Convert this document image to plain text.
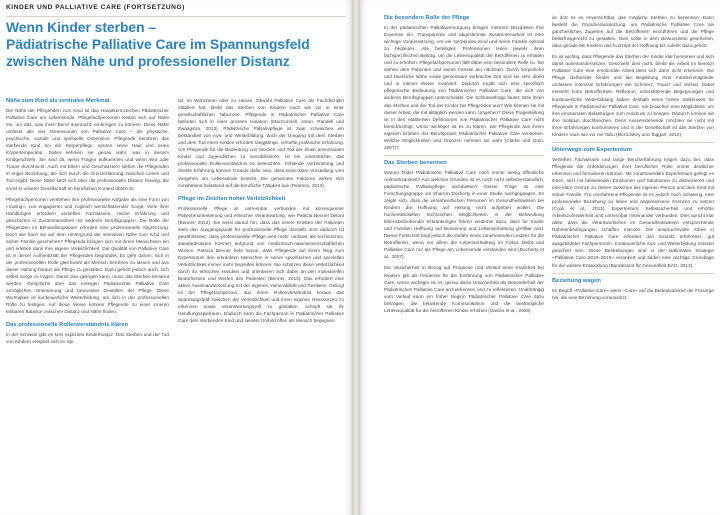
KINDER UND PALLIATIVE CARE (FORTSETZUNG)
Wenn Kinder sterben –
Pädiatrische Palliative Care im Spannungsfeld
zwischen Nähe und professioneller Distanz
Nähe zum Kind als zentrales Merkmal

Die Nähe der Pflegenden zum Kind ist das Hauptkennzeichen Pädiatrischer Palliative Care am Lebensende. Pflegefachpersonen leisten sich auf Nähe ein, um das, was ihren Beruf ausmacht, einbringen zu können. Diese Nähe umfasst alle vier Dimensionen von Palliative Care – die physische, psychische, soziale und spirituelle Dimension. Pflegende berühren das sterbende Kind bei der Körperpflege, spüren seine Haut und seine Körpertemperatur. Dabei nehmen sie genau wahr, was in diesem Kindgeschieht. Sie sind da, wenn Fragen aufkommen und wenn Wut oder Trauer durchbricht. Auch mit Eltern und Geschwistern stehen die Pflegenden in enger Beziehung, die sich durch die Grenzerfahrung zwischen Leben und Tod ergibt. Diese Nähe setzt sich über die professionelle Distanz hinweg, die sonst in unserer Gesellschaft im beruflichen Kontext üblich ist.

Pflegefachpersonen verstehen ihre professionelle Aufgabe als eine Form von «Caring», von engagierter und zugleich wertschätzender Sorge. Viele ihrer Handlungen erfordern vertieftes Fachwissen, reiche Erfahrung und gesichertes in Zusammenarbeit mit anderen Berufsgruppen. Die Rolle der Pflegenden im Behandlungsteam erfordert eine professionelle Abgrenzung. Doch wie kann sie auf dem Hintergrund der intensiven Nähe zum Kind und seiner Familie geschehen? Pflegende bringen sich mit ihrem Menschsein ein und erleben darin ihre eigene Verletzlichkeit. Die Qualität von Palliative Care ist in dieser Authentizität der Pflegenden begründet. Es geht darum, sich in der professionellen Rolle gleichwohl als Mensch berühren zu lassen und aus dieser Haltung heraus die Pflege zu gestalten. Dazu gehört jedoch auch, sich selbst Sorge zu tragen. Damit dies gelingen kann, muss das Sterben benannt werden. Gespräche über das Anliegen Pädiatrischer Palliative Care ermöglichen Orientierung und bewusstes Gestalten der Pflege. Diese Wichtigkeit ist kontinuierliche Weiterbildung, um sich in der professionellen Rolle zu festigen. Auf diese Weise können Pflegende zu einer inneren lebbaren Balance zwischen Distanz und Nähe finden.

Das professionelle Rollenverständnis klären

In der Schweiz gibt es kein explizites Kinderhospiz. Das Sterben und der Tod von Kindern ereignet sich im Spi-

tal, im Wohnheim oder zu Hause. Obwohl Palliative Care als Fachdisziplin etabliert hat, bleibt das Sterben von Kindern nach wie vor in einer gesellschaftlichen Tabuzone. Pflegende in Pädiatrischer Palliative Care befinden sich in einer grossen Isolation (MacConnell, Aston, Randell und Zwaagstra, 2013). Pädiatrische Palliativpflege ist zwar inzwischen ein Bestandteil von Aus- und Weiterbildung, doch der Umgang mit dem Sterben und dem Tod eines Kindes erfordert langjährige, vertiefte praktische Erfahrung. Um Pflegende für die Bedeutung von Sterben und Tod der ihnen anvertrauten Kinder und Jugendlichen zu sensibilisieren, ist ein unterstützter, das professionelle Rollenverständnis zu beleuchten. Fehlende Vorbereitung und direkte Erfahrung können Gründe dafür sein, dass keine klare Vorstellung vom Vorgehen am Lebensende besteht. Die genannten Faktoren wirken sich zunehmend belastend auf die berufliche Tätigkeit aus (Pearson, 2013).

Pflege im Zeichen hoher Verletzlichkeit

Professionelle Pflege ist untrennbar verbunden mit konsequenter Patientenorientierung und ethischer Verantwortung, wie Patricia Benner betont (Benner, 2013). Sie weist darauf hin, dass das innere Erleben der Patienten stets den Ausgangspunkt für professionelle Pflege darstellt. Erst dadurch ist gewährleistet, dass professionelle Pflege weit mehr umfasst als technisches, standardisiertes Können aufgrund von medizinisch-naturwissenschaftlichen Wissen. Patricia Benner hebt hervor, dass Pflegende auf ihrem Weg zum Expertentum den erkrankten Menschen in seiner spezifischen und speziellen Verletzlichkeit immer mehr begreifen können. Sie schützen diese Verletzlichkeit durch ihr ethisches Handeln und orientieren sich dabei an den individuellen Bedürfnissen und Werten des Patienten (Benner, 2013). Das erfordert eine aktive Auseinandersetzung mit der eigenen Vulnerabilität und Resilienz. Gelingt es der Pflegefachperson, aus ihrem Rollenverständnis heraus das Spannungsfeld zwischen der Verletzlichkeit und ihren eigenen Ressourcen zu erkennen sowie verantwortungsvoll zu gestalten, schöpft sie ihr Handlungsspielraum. Dadurch kann die Fachperson in Pädiatrischer Palliative Care dem sterbenden Kind und seinem Umfeld offen als Mensch begegnen.

Die besondere Rolle der Pflege

In der pädiatrischen Palliativversorgung bringen mehrere Disziplinen ihre Expertise ein. Transparente und abgestimmte Zusammenarbeit ist eine wichtige Voraussetzung, um ein sterbendes Kind und seine Familie optimal zu begleiten. Alle beteiligten Professionen teilen jeweils ihren fachspezifischen Beitrag, um die Lebensqualität der Betroffenen zu erhalten und zu erhöhen. Pflegefachpersonen fällt dabei eine besondere Rolle zu. Sie stehen dem Patienten und seiner Familie am nächsten. Durch körperliche und räumliche Nähe sowie gemeinsam verbrachte Zeit sind sie sehr direkt und in intimer Weise involviert. Dadurch ergibt sich eine spezifisch pflegerische Bedeutung von Pädiatrischer Palliative Care, die sich von anderen Berufsgruppen unterscheidet. Die Schlüsselfrage lautet: Was lösen das Sterben und der Tod der Kinder bei Pflegenden aus? Wie können sie mit dieser Arbeit, die mit alltäglich werden kann, umgehen? Diese Fragestellung ist in den etablierten Definitionen von Pädiatrischer Palliative Care nicht berücksichtigt. Umso wichtiger ist es zu klären, wie Pflegende aus ihrem eigenen Erleben der Berufspraxis Pädiatrischer Palliative Care verstehen. Welche Möglichkeiten und Grenzen nehmen sie wahr (Clarke und Quin, 2007)?

Das Sterben benennen

Warum findet Pädiatrische Palliative Care noch immer wenig öffentliche Aufmerksamkeit? Aus welchen Gründen ist es noch nicht selbstverständlich, pädiatrische Palliativpflege anzubieten? Dieser Frage ist eine Forschungsgruppe um Sharron Docherty in einer Studie nachgegangen. Es zeigte sich, dass die verantwortlichen Personen im Gesundheitswesen bei Kindern die Hoffnung auf Heilung nicht aufgeben wollen. Die hochentwickelten technischen Möglichkeiten in der Behandlung lebensbedrohender Erkrankungen führen weiterhin dazu, dass für Kinder und Familien Hoffnung auf Besserung und Lebenserhaltung greifbar wird. Dieser Fortschritt birgt jedoch die Gefahr eines zunehmenden Leidens für die Betroffenen, wenn vor allem die Lebenserhaltung im Fokus bleibt und Palliative Care nur als Pflege am Lebensende verstanden wird (Docherty et al., 2007).

Die Unsicherheit in Bezug auf Prognose und Verlauf einer Krankheit bei Kindern gilt als Hindernis für die Einführung von Pädiatrischer Palliative Care. Umso wichtiger ist es, genau diese Unsicherheit als Besonderheit der Pädiatrischen Palliative Care anzuerkennen und zu reflektieren. Unabhängig vom Verlauf kann ein früher Beginn Pädiatrischer Palliative Care dazu beitragen, die belastende Kommunikation und die bestmögliche Lebensqualität für die betroffenen Kinder erhöhen (Davies et al., 2008).

ist dort es es unverzichtbar, das mögliche Sterben zu benennen. Dann besteht die Grundvoraussetzung, um Pädiatrische Palliative Care als ganzheitliches Zugehen auf die Betroffenen einzuführen und die Pflege bedürfnisgerecht zu gestalten. Dies sollte in dem Bewusstsein geschehen, dass gerade bei Kindern das Konzept der Hoffnung bis zuletzt dazu gehört.

Es ist wichtig, dass Pflegende das Sterben der Kinder klar benennen und sich damit auseinandersetzen. Geschieht dies nicht, bleibt die Arbeit im Bereich Palliative Care eine emotionale Arbeit lässt sich dann nicht erkennen. Die Pflege sterbender Kinder und die Begleitung ihrer Familienmitglieder umfassen intensive Erfahrungen wie Schmerz, Trauer und Verlust. Dabei entsteht hohe Betroffenheit. Reflexion, unterstützende Begegnungen und kontinuierliche Weiterbildung haben deshalb einen hohen Stellenwert für Pflegende in Pädiatrischer Palliative Care. Sie brauchen eine Möglichkeit, um ihre emotionalen Belastungen zum Ausdruck zu bringen. Dadurch können sie ihre Isolation durchbrechen. Denn Aussenstehende möchten sie nicht mit ihren Erfahrungen konfrontieren und in der Gesellschaft ist das Sterben von Kindern nach wie vor ein Tabu (McCloskey und Taggart, 2010).

Unterwegs zum Expertentum

Vertieftes Fachwissen und lange Berufserfahrung tragen dazu bei, dass Pflegende die Anforderungen ihrer beruflichen Rolle immer deutlicher erkennen und formulieren können. Mit zunehmendem Expertentum gelingt es ihnen, sich mit belastenden Emotionen und Situationen zu distanzieren und eine klare Grenze zu ziehen zwischen der eigenen Person und dem Kind mit seiner Familie. Für unerfahrene Pflegende ist es jedoch noch schwierig, eine professionelle Beziehung zu leben und angemessene Grenzen zu setzen (Cook et al., 2012). Expertentum, Selbstsicherheit und erhöhte Arbeitszufriedenheit sind untrennbar miteinander verbunden. Dies spricht klar dafür, dass die Verantwortlichen im Gesundheitswesen entsprechende Rahmenbedingungen schaffen müssen. Die anspruchsvolle Arbeit in Pädiatrischer Palliative Care erfordert den Einsatz erfahrener, gut ausgebildeter Fachpersonen. Kontinuierliche Aus- und Weiterbildung müssen gesichert sein. Diese Bestrebungen sind in der Nationalen Strategie «Palliative Care 2013–2015» verankert und bilden eine wichtige Grundlage für die weitere Entwicklung (Bundesamt für Gesundheit BAG, 2013).

Beziehung wagen

Im Begriff «Palliative Care» weist «Care» auf die Bedeutsamkeit der Fürsorge hin, die eine Beziehung voraussetzt.
